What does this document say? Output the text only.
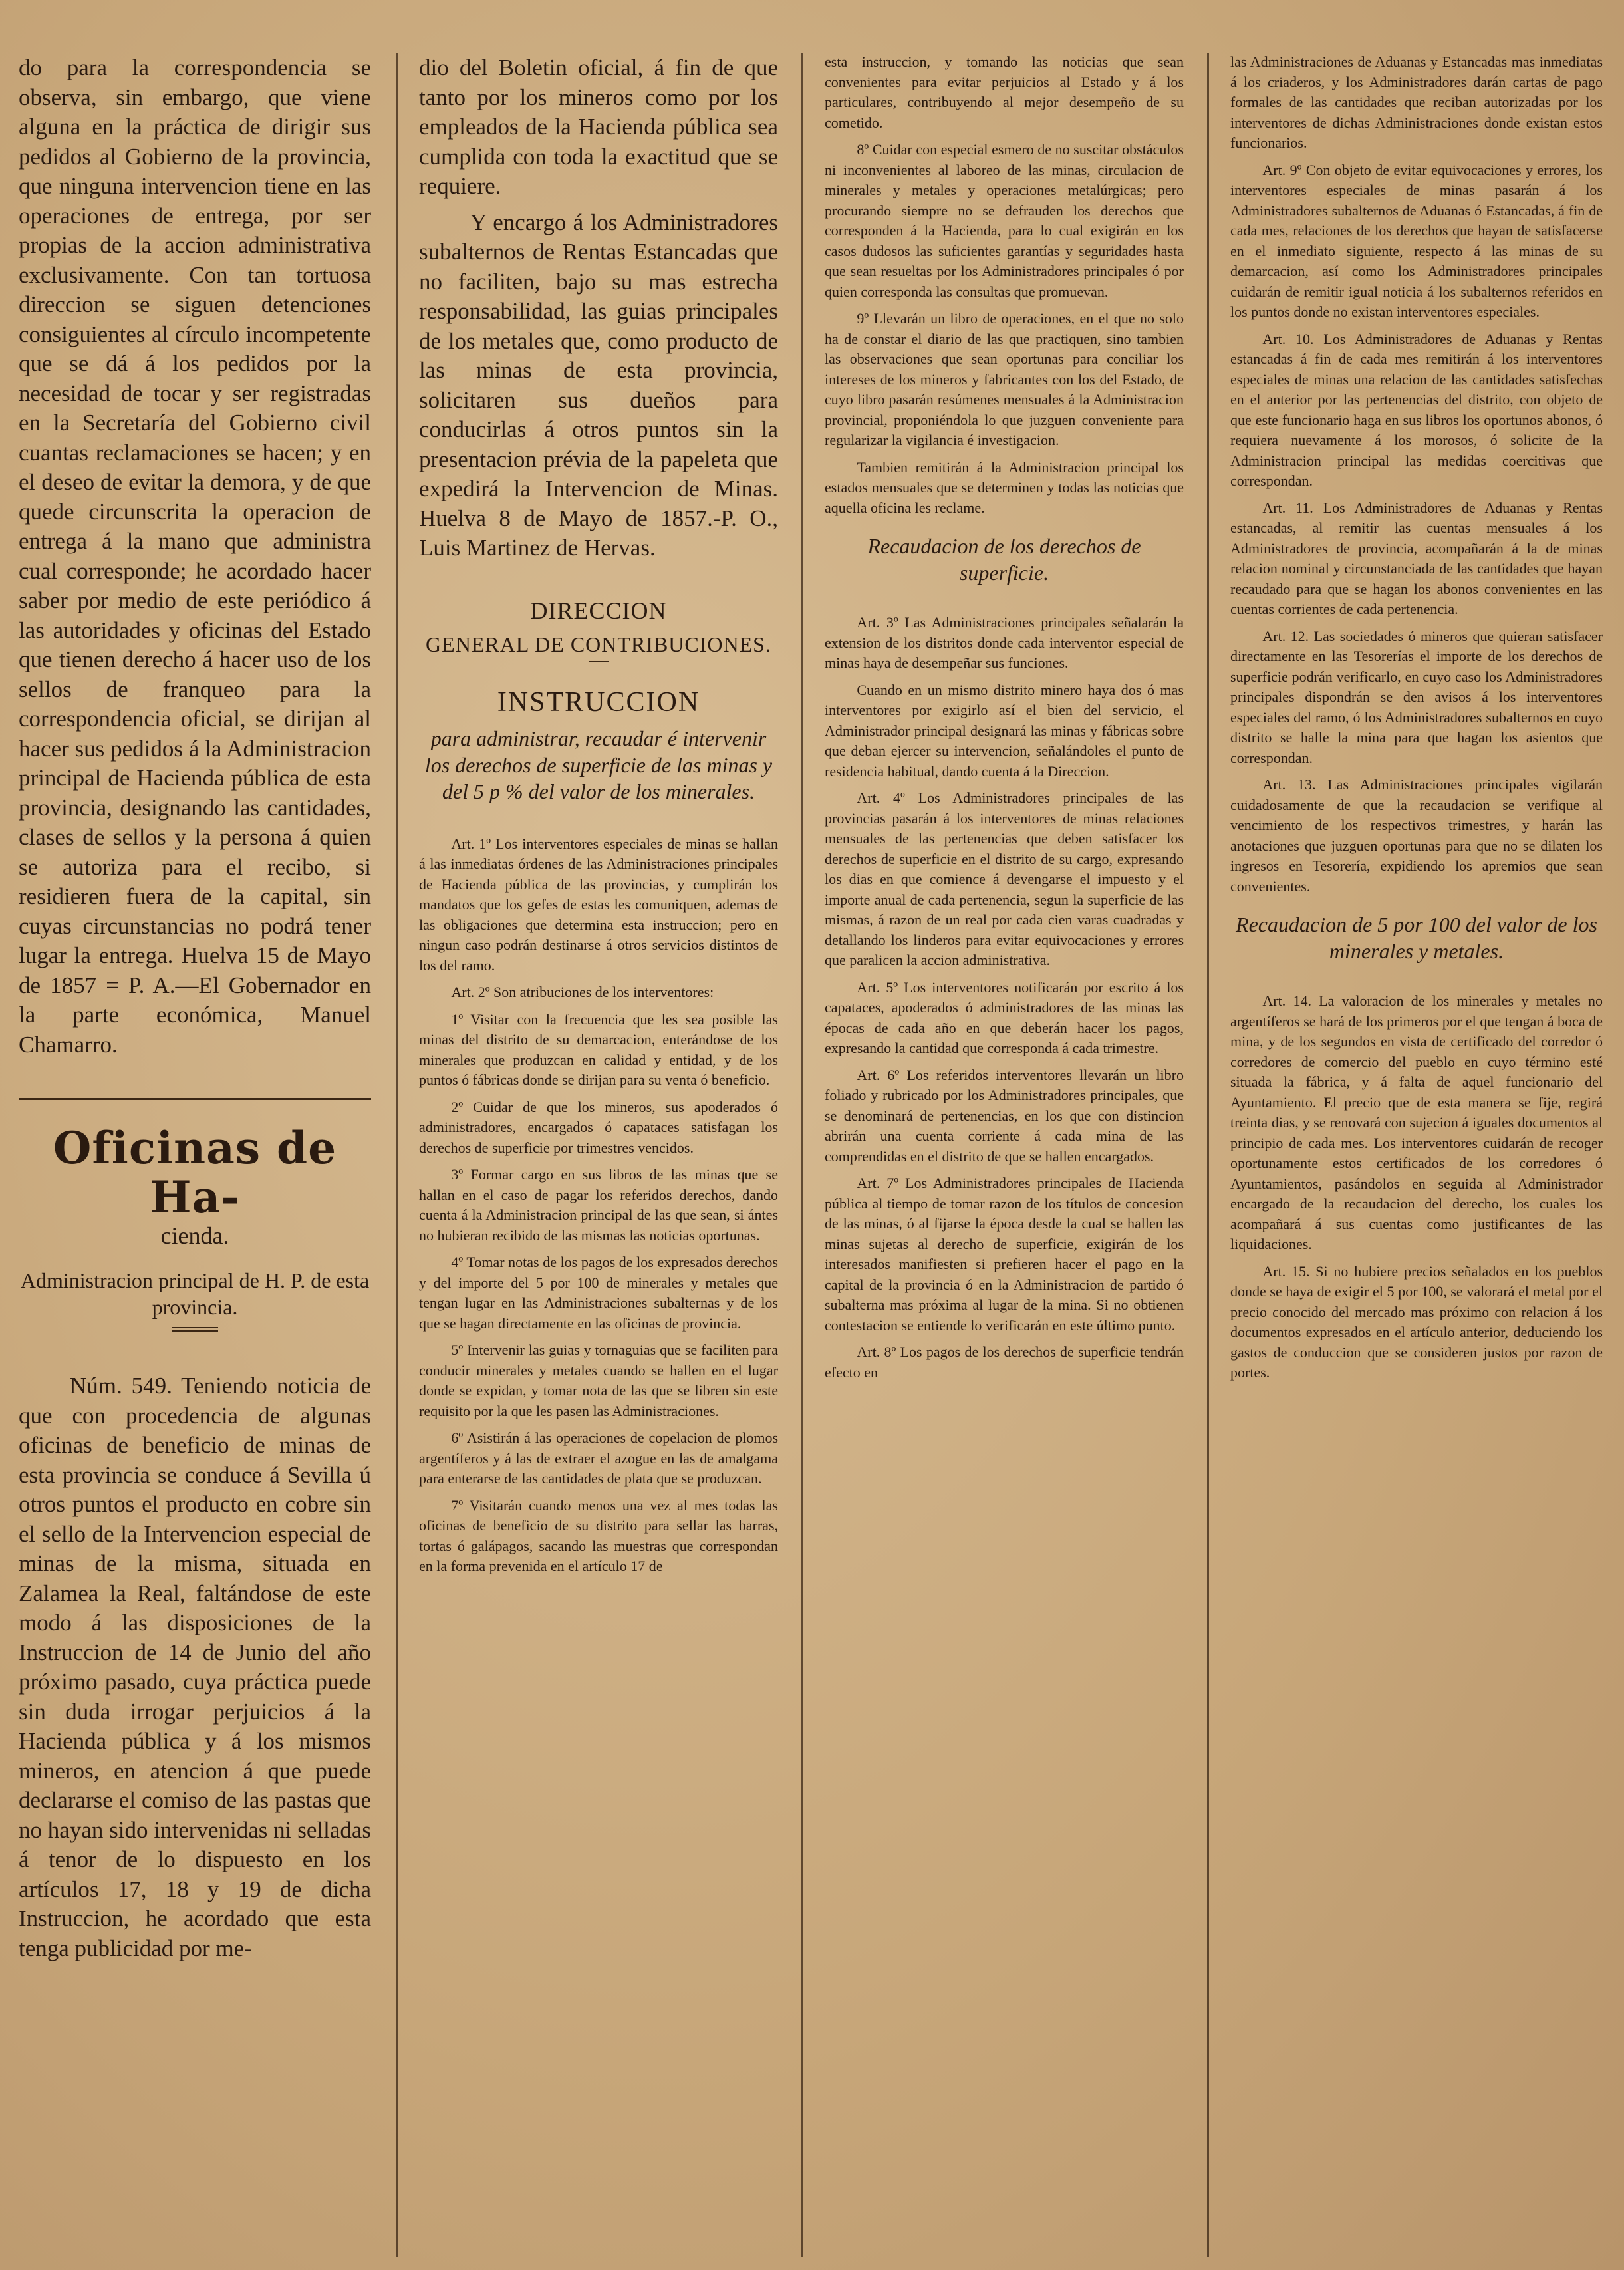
do para la correspondencia se observa, sin embargo, que viene alguna en la práctica de dirigir sus pedidos al Gobierno de la provincia, que ninguna intervencion tiene en las operaciones de entrega, por ser propias de la accion administrativa exclusivamente. Con tan tortuosa direccion se siguen detenciones consiguientes al círculo incompetente que se dá á los pedidos por la necesidad de tocar y ser registradas en la Secretaría del Gobierno civil cuantas reclamaciones se hacen; y en el deseo de evitar la demora, y de que quede circunscrita la operacion de entrega á la mano que administra cual corresponde; he acordado hacer saber por medio de este periódico á las autoridades y oficinas del Estado que tienen derecho á hacer uso de los sellos de franqueo para la correspondencia oficial, se dirijan al hacer sus pedidos á la Administracion principal de Hacienda pública de esta provincia, designando las cantidades, clases de sellos y la persona á quien se autoriza para el recibo, si residieren fuera de la capital, sin cuyas circunstancias no podrá tener lugar la entrega. Huelva 15 de Mayo de 1857 = P. A.—El Gobernador en la parte económica, Manuel Chamarro.

Oficinas de Ha-
cienda.
Administracion principal de H. P. de esta provincia.

Núm. 549. Teniendo noticia de que con procedencia de algunas oficinas de beneficio de minas de esta provincia se conduce á Sevilla ú otros puntos el producto en cobre sin el sello de la Intervencion especial de minas de la misma, situada en Zalamea la Real, faltándose de este modo á las disposiciones de la Instruccion de 14 de Junio del año próximo pasado, cuya práctica puede sin duda irrogar perjuicios á la Hacienda pública y á los mismos mineros, en atencion á que puede declararse el comiso de las pastas que no hayan sido intervenidas ni selladas á tenor de lo dispuesto en los artículos 17, 18 y 19 de dicha Instruccion, he acordado que esta tenga publicidad por me-

dio del Boletin oficial, á fin de que tanto por los mineros como por los empleados de la Hacienda pública sea cumplida con toda la exactitud que se requiere.

Y encargo á los Administradores subalternos de Rentas Estancadas que no faciliten, bajo su mas estrecha responsabilidad, las guias principales de los metales que, como producto de las minas de esta provincia, solicitaren sus dueños para conducirlas á otros puntos sin la presentacion prévia de la papeleta que expedirá la Intervencion de Minas. Huelva 8 de Mayo de 1857.-P. O., Luis Martinez de Hervas.

DIRECCION
GENERAL DE CONTRIBUCIONES.
INSTRUCCION
para administrar, recaudar é intervenir los derechos de superficie de las minas y del 5 p % del valor de los minerales.

Art. 1º Los interventores especiales de minas se hallan á las inmediatas órdenes de las Administraciones principales de Hacienda pública de las provincias, y cumplirán los mandatos que los gefes de estas les comuniquen, ademas de las obligaciones que determina esta instruccion; pero en ningun caso podrán destinarse á otros servicios distintos de los del ramo.

Art. 2º Son atribuciones de los interventores:

1º Visitar con la frecuencia que les sea posible las minas del distrito de su demarcacion, enterándose de los minerales que produzcan en calidad y entidad, y de los puntos ó fábricas donde se dirijan para su venta ó beneficio.

2º Cuidar de que los mineros, sus apoderados ó administradores, encargados ó capataces satisfagan los derechos de superficie por trimestres vencidos.

3º Formar cargo en sus libros de las minas que se hallan en el caso de pagar los referidos derechos, dando cuenta á la Administracion principal de las que sean, si ántes no hubieran recibido de las mismas las noticias oportunas.

4º Tomar notas de los pagos de los expresados derechos y del importe del 5 por 100 de minerales y metales que tengan lugar en las Administraciones subalternas y de los que se hagan directamente en las oficinas de provincia.

5º Intervenir las guias y tornaguias que se faciliten para conducir minerales y metales cuando se hallen en el lugar donde se expidan, y tomar nota de las que se libren sin este requisito por la que les pasen las Administraciones.

6º Asistirán á las operaciones de copelacion de plomos argentíferos y á las de extraer el azogue en las de amalgama para enterarse de las cantidades de plata que se produzcan.

7º Visitarán cuando menos una vez al mes todas las oficinas de beneficio de su distrito para sellar las barras, tortas ó galápagos, sacando las muestras que correspondan en la forma prevenida en el artículo 17 de

esta instruccion, y tomando las noticias que sean convenientes para evitar perjuicios al Estado y á los particulares, contribuyendo al mejor desempeño de su cometido.

8º Cuidar con especial esmero de no suscitar obstáculos ni inconvenientes al laboreo de las minas, circulacion de minerales y metales y operaciones metalúrgicas; pero procurando siempre no se defrauden los derechos que corresponden á la Hacienda, para lo cual exigirán en los casos dudosos las suficientes garantías y seguridades hasta que sean resueltas por los Administradores principales ó por quien corresponda las consultas que promuevan.

9º Llevarán un libro de operaciones, en el que no solo ha de constar el diario de las que practiquen, sino tambien las observaciones que sean oportunas para conciliar los intereses de los mineros y fabricantes con los del Estado, de cuyo libro pasarán resúmenes mensuales á la Administracion provincial, proponiéndola lo que juzguen conveniente para regularizar la vigilancia é investigacion.

Tambien remitirán á la Administracion principal los estados mensuales que se determinen y todas las noticias que aquella oficina les reclame.

Recaudacion de los derechos de superficie.

Art. 3º Las Administraciones principales señalarán la extension de los distritos donde cada interventor especial de minas haya de desempeñar sus funciones.

Cuando en un mismo distrito minero haya dos ó mas interventores por exigirlo así el bien del servicio, el Administrador principal designará las minas y fábricas sobre que deban ejercer su intervencion, señalándoles el punto de residencia habitual, dando cuenta á la Direccion.

Art. 4º Los Administradores principales de las provincias pasarán á los interventores de minas relaciones mensuales de las pertenencias que deben satisfacer los derechos de superficie en el distrito de su cargo, expresando los dias en que comience á devengarse el impuesto y el importe anual de cada pertenencia, segun la superficie de las mismas, á razon de un real por cada cien varas cuadradas y detallando los linderos para evitar equivocaciones y errores que paralicen la accion administrativa.

Art. 5º Los interventores notificarán por escrito á los capataces, apoderados ó administradores de las minas las épocas de cada año en que deberán hacer los pagos, expresando la cantidad que corresponda á cada trimestre.

Art. 6º Los referidos interventores llevarán un libro foliado y rubricado por los Administradores principales, que se denominará de pertenencias, en los que con distincion abrirán una cuenta corriente á cada mina de las comprendidas en el distrito de que se hallen encargados.

Art. 7º Los Administradores principales de Hacienda pública al tiempo de tomar razon de los títulos de concesion de las minas, ó al fijarse la época desde la cual se hallen las minas sujetas al derecho de superficie, exigirán de los interesados manifiesten si prefieren hacer el pago en la capital de la provincia ó en la Administracion de partido ó subalterna mas próxima al lugar de la mina. Si no obtienen contestacion se entiende lo verificarán en este último punto.

Art. 8º Los pagos de los derechos de superficie tendrán efecto en

las Administraciones de Aduanas y Estancadas mas inmediatas á los criaderos, y los Administradores darán cartas de pago formales de las cantidades que reciban autorizadas por los interventores de dichas Administraciones donde existan estos funcionarios.

Art. 9º Con objeto de evitar equivocaciones y errores, los interventores especiales de minas pasarán á los Administradores subalternos de Aduanas ó Estancadas, á fin de cada mes, relaciones de los derechos que hayan de satisfacerse en el inmediato siguiente, respecto á las minas de su demarcacion, así como los Administradores principales cuidarán de remitir igual noticia á los subalternos referidos en los puntos donde no existan interventores especiales.

Art. 10. Los Administradores de Aduanas y Rentas estancadas á fin de cada mes remitirán á los interventores especiales de minas una relacion de las cantidades satisfechas en el anterior por las pertenencias del distrito, con objeto de que este funcionario haga en sus libros los oportunos abonos, ó requiera nuevamente á los morosos, ó solicite de la Administracion principal las medidas coercitivas que correspondan.

Art. 11. Los Administradores de Aduanas y Rentas estancadas, al remitir las cuentas mensuales á los Administradores de provincia, acompañarán á la de minas relacion nominal y circunstanciada de las cantidades que hayan recaudado para que se hagan los abonos convenientes en las cuentas corrientes de cada pertenencia.

Art. 12. Las sociedades ó mineros que quieran satisfacer directamente en las Tesorerías el importe de los derechos de superficie podrán verificarlo, en cuyo caso los Administradores principales dispondrán se den avisos á los interventores especiales del ramo, ó los Administradores subalternos en cuyo distrito se halle la mina para que hagan los asientos que correspondan.

Art. 13. Las Administraciones principales vigilarán cuidadosamente de que la recaudacion se verifique al vencimiento de los respectivos trimestres, y harán las anotaciones que juzguen oportunas para que no se dilaten los ingresos en Tesorería, expidiendo los apremios que sean convenientes.

Recaudacion de 5 por 100 del valor de los minerales y metales.

Art. 14. La valoracion de los minerales y metales no argentíferos se hará de los primeros por el que tengan á boca de mina, y de los segundos en vista de certificado del corredor ó corredores de comercio del pueblo en cuyo término esté situada la fábrica, y á falta de aquel funcionario del Ayuntamiento. El precio que de esta manera se fije, regirá treinta dias, y se renovará con sujecion á iguales documentos al principio de cada mes. Los interventores cuidarán de recoger oportunamente estos certificados de los corredores ó Ayuntamientos, pasándolos en seguida al Administrador encargado de la recaudacion del derecho, los cuales los acompañará á sus cuentas como justificantes de las liquidaciones.

Art. 15. Si no hubiere precios señalados en los pueblos donde se haya de exigir el 5 por 100, se valorará el metal por el precio conocido del mercado mas próximo con relacion á los documentos expresados en el artículo anterior, deduciendo los gastos de conduccion que se consideren justos por razon de portes.
